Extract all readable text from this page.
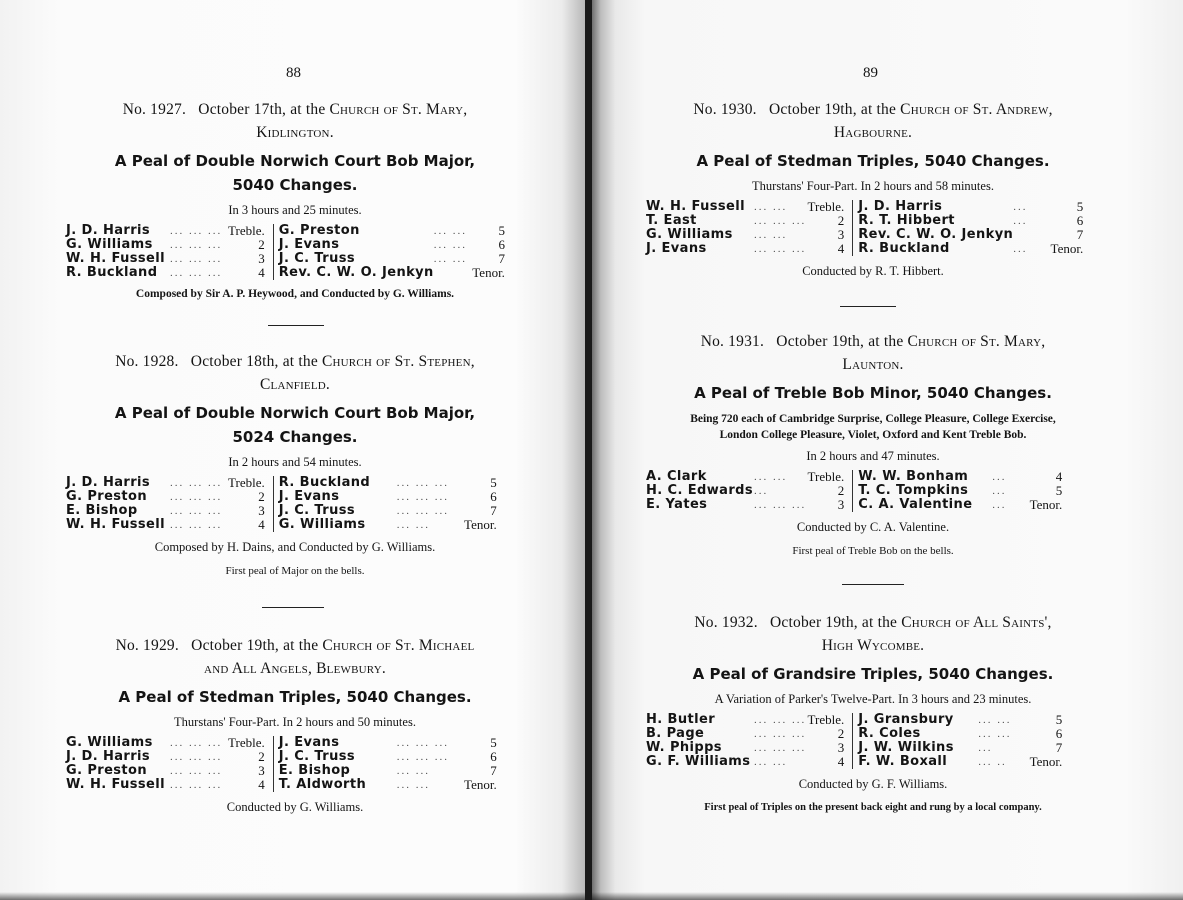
88
No. 1927. October 17th, at the Church of St. Mary,
Kidlington.
A Peal of Double Norwich Court Bob Major,
5040 Changes.
In 3 hours and 25 minutes.
J. D. Harris	... ... ...	Treble.		G. Preston	... ...	5
G. Williams	... ... ...	2		J. Evans	... ...	6
W. H. Fussell	... ... ...	3		J. C. Truss	... ...	7
R. Buckland	... ... ...	4		Rev. C. W. O. Jenkyn		Tenor.
Composed by Sir A. P. Heywood, and Conducted by G. Williams.
No. 1928. October 18th, at the Church of St. Stephen,
Clanfield.
A Peal of Double Norwich Court Bob Major,
5024 Changes.
In 2 hours and 54 minutes.
J. D. Harris	... ... ...	Treble.		R. Buckland	... ... ...	5
G. Preston	... ... ...	2		J. Evans	... ... ...	6
E. Bishop	... ... ...	3		J. C. Truss	... ... ...	7
W. H. Fussell	... ... ...	4		G. Williams	... ...	Tenor.
Composed by H. Dains, and Conducted by G. Williams.
First peal of Major on the bells.
No. 1929. October 19th, at the Church of St. Michael
and All Angels, Blewbury.
A Peal of Stedman Triples, 5040 Changes.
Thurstans' Four-Part. In 2 hours and 50 minutes.
G. Williams	... ... ...	Treble.		J. Evans	... ... ...	5
J. D. Harris	... ... ...	2		J. C. Truss	... ... ...	6
G. Preston	... ... ...	3		E. Bishop	... ...	7
W. H. Fussell	... ... ...	4		T. Aldworth	... ...	Tenor.
Conducted by G. Williams.
89
No. 1930. October 19th, at the Church of St. Andrew,
Hagbourne.
A Peal of Stedman Triples, 5040 Changes.
Thurstans' Four-Part. In 2 hours and 58 minutes.
W. H. Fussell	... ...	Treble.		J. D. Harris	...	5
T. East	... ... ...	2		R. T. Hibbert	...	6
G. Williams	... ...	3		Rev. C. W. O. Jenkyn		7
J. Evans	... ... ...	4		R. Buckland	...	Tenor.
Conducted by R. T. Hibbert.
No. 1931. October 19th, at the Church of St. Mary,
Launton.
A Peal of Treble Bob Minor, 5040 Changes.
Being 720 each of Cambridge Surprise, College Pleasure, College Exercise,
London College Pleasure, Violet, Oxford and Kent Treble Bob.
In 2 hours and 47 minutes.
A. Clark	... ...	Treble.		W. W. Bonham	...	4
H. C. Edwards	...	2		T. C. Tompkins	...	5
E. Yates	... ... ...	3		C. A. Valentine	...	Tenor.
Conducted by C. A. Valentine.
First peal of Treble Bob on the bells.
No. 1932. October 19th, at the Church of All Saints',
High Wycombe.
A Peal of Grandsire Triples, 5040 Changes.
A Variation of Parker's Twelve-Part. In 3 hours and 23 minutes.
H. Butler	... ... ...	Treble.		J. Gransbury	... ...	5
B. Page	... ... ...	2		R. Coles	... ...	6
W. Phipps	... ... ...	3		J. W. Wilkins	...	7
G. F. Williams	... ...	4		F. W. Boxall	... ..	Tenor.
Conducted by G. F. Williams.
First peal of Triples on the present back eight and rung by a local company.
